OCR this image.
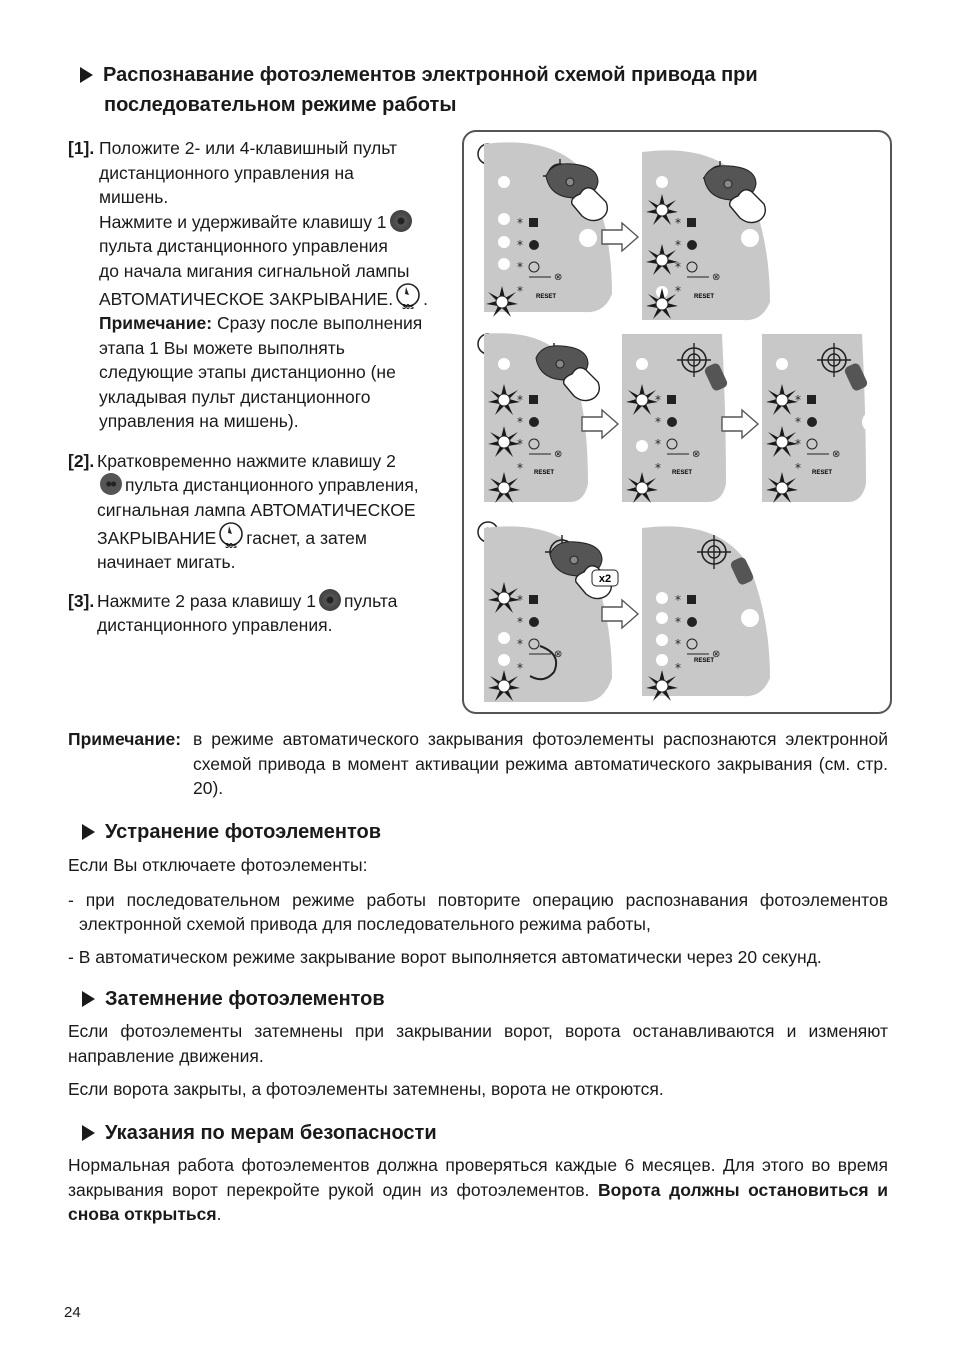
Распознавание фотоэлементов электронной схемой привода при
последовательном режиме работы
[1]. Положите 2- или 4-клавишный пульт
дистанционного управления на
мишень.
Нажмите и удерживайте клавишу 1
пульта дистанционного управления
до начала мигания сигнальной лампы
АВТОМАТИЧЕСКОЕ ЗАКРЫВАНИЕ. 30s .
Примечание: Сразу после выполнения
этапа 1 Вы можете выполнять
следующие этапы дистанционно (не
укладывая пульт дистанционного
управления на мишень).
[2]. Кратковременно нажмите клавишу 2
пульта дистанционного управления,
сигнальная лампа АВТОМАТИЧЕСКОЕ
ЗАКРЫВАНИЕ 30s гаснет, а затем
начинает мигать.
[3]. Нажмите 2 раза клавишу 1 пульта
дистанционного управления.
*
*
*
*
RESET	RESET
RESET	RESET	RESET
x2
RESET
Примечание: в режиме автоматического закрывания фотоэлементы распознаются электронной
схемой привода в момент активации режима автоматического закрывания (см. стр.
20).
Устранение фотоэлементов
Если Вы отключаете фотоэлементы:
- при последовательном режиме работы повторите операцию распознавания фотоэлементов
электронной схемой привода для последовательного режима работы,
- В автоматическом режиме закрывание ворот выполняется автоматически через 20 секунд.
Затемнение фотоэлементов
Если фотоэлементы затемнены при закрывании ворот, ворота останавливаются и изменяют
направление движения.
Если ворота закрыты, а фотоэлементы затемнены, ворота не откроются.
Указания по мерам безопасности
Нормальная работа фотоэлементов должна проверяться каждые 6 месяцев. Для этого во время
закрывания ворот перекройте рукой один из фотоэлементов. Ворота должны остановиться и
снова открыться.
24
